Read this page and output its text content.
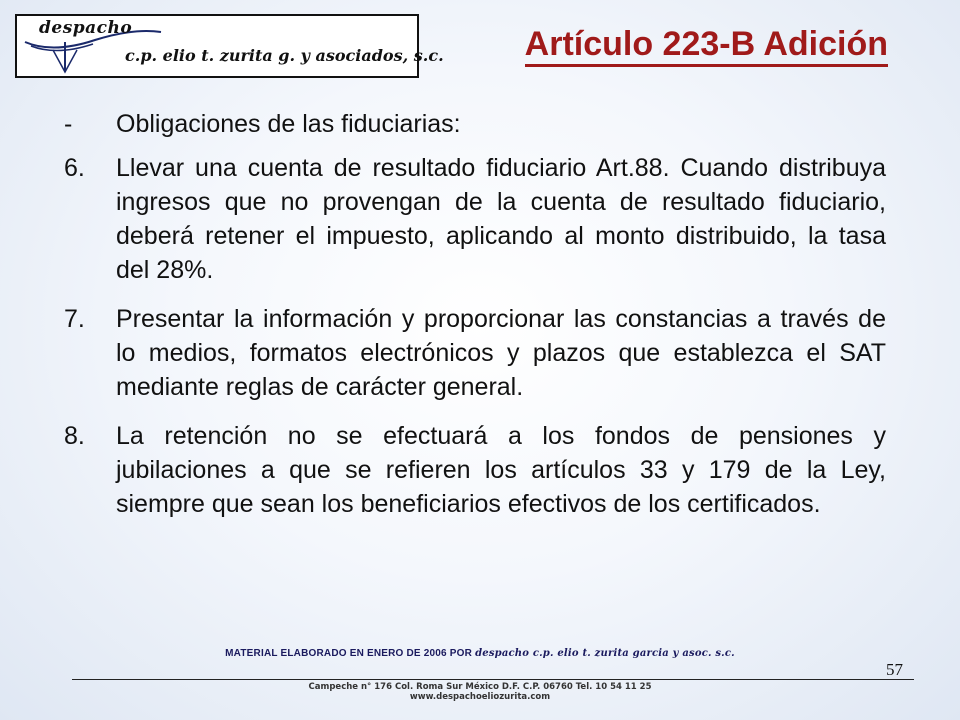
despacho
c.p. elio t. zurita g. y asociados, s.c. Artículo 223-B Adición
-	Obligaciones de las fiduciarias:
6.	Llevar una cuenta de resultado fiduciario Art.88. Cuando distribuya ingresos que no provengan de la cuenta de resultado fiduciario, deberá retener el impuesto, aplicando al monto distribuido, la tasa del 28%.
7.	Presentar la información y proporcionar las constancias a través de lo medios, formatos electrónicos y plazos que establezca el SAT mediante reglas de carácter general.
8.	La retención no se efectuará a los fondos de pensiones y jubilaciones a que se refieren los artículos 33 y 179 de la Ley, siempre que sean los beneficiarios efectivos de los certificados.
MATERIAL ELABORADO EN ENERO DE 2006 POR despacho c.p. elio t. zurita garcia y asoc. s.c.
57
Campeche n° 176 Col. Roma Sur México D.F. C.P. 06760 Tel. 10 54 11 25
www.despachoeliozurita.com
